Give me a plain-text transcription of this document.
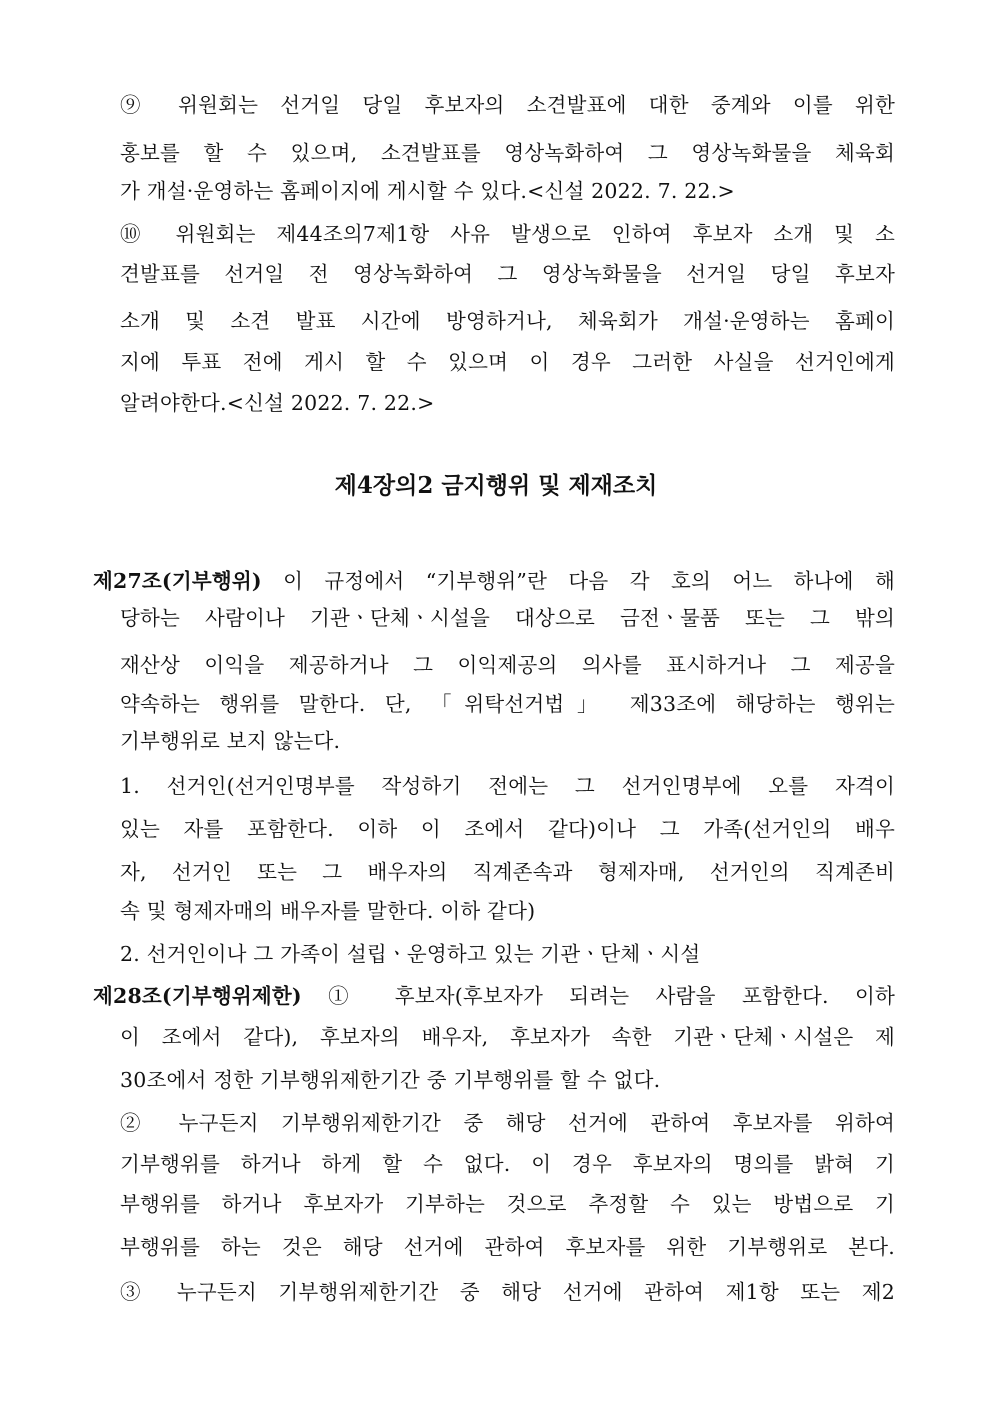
⑨ 위원회는 선거일 당일 후보자의 소견발표에 대한 중계와 이를 위한
홍보를 할 수 있으며, 소견발표를 영상녹화하여 그 영상녹화물을 체육회
가 개설·운영하는 홈페이지에 게시할 수 있다.<신설 2022. 7. 22.>
⑩ 위원회는 제44조의7제1항 사유 발생으로 인하여 후보자 소개 및 소
견발표를 선거일 전 영상녹화하여 그 영상녹화물을 선거일 당일 후보자
소개 및 소견 발표 시간에 방영하거나, 체육회가 개설·운영하는 홈페이
지에 투표 전에 게시 할 수 있으며 이 경우 그러한 사실을 선거인에게
알려야한다.<신설 2022. 7. 22.>
제4장의2 금지행위 및 제재조치
제27조(기부행위) 이 규정에서 “기부행위”란 다음 각 호의 어느 하나에 해
당하는 사람이나 기관ㆍ단체ㆍ시설을 대상으로 금전ㆍ물품 또는 그 밖의
재산상 이익을 제공하거나 그 이익제공의 의사를 표시하거나 그 제공을
약속하는 행위를 말한다. 단, 「위탁선거법」 제33조에 해당하는 행위는
기부행위로 보지 않는다.
1. 선거인(선거인명부를 작성하기 전에는 그 선거인명부에 오를 자격이
있는 자를 포함한다. 이하 이 조에서 같다)이나 그 가족(선거인의 배우
자, 선거인 또는 그 배우자의 직계존속과 형제자매, 선거인의 직계존비
속 및 형제자매의 배우자를 말한다. 이하 같다)
2. 선거인이나 그 가족이 설립ㆍ운영하고 있는 기관ㆍ단체ㆍ시설
제28조(기부행위제한) ① 후보자(후보자가 되려는 사람을 포함한다. 이하
이 조에서 같다), 후보자의 배우자, 후보자가 속한 기관ㆍ단체ㆍ시설은 제
30조에서 정한 기부행위제한기간 중 기부행위를 할 수 없다.
② 누구든지 기부행위제한기간 중 해당 선거에 관하여 후보자를 위하여
기부행위를 하거나 하게 할 수 없다. 이 경우 후보자의 명의를 밝혀 기
부행위를 하거나 후보자가 기부하는 것으로 추정할 수 있는 방법으로 기
부행위를 하는 것은 해당 선거에 관하여 후보자를 위한 기부행위로 본다.
③ 누구든지 기부행위제한기간 중 해당 선거에 관하여 제1항 또는 제2
